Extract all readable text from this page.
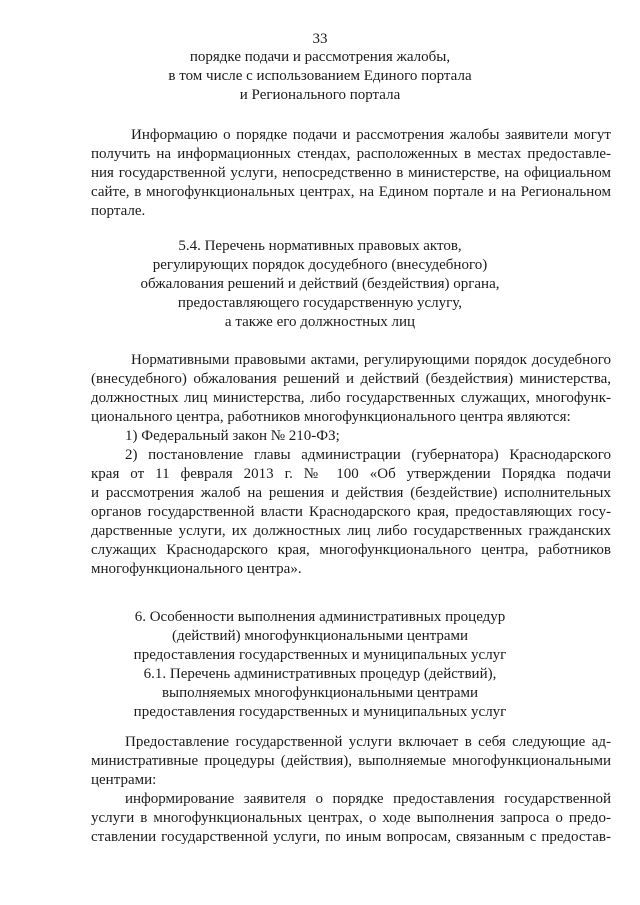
33
порядке подачи и рассмотрения жалобы,
в том числе с использованием Единого портала
и Регионального портала
Информацию о порядке подачи и рассмотрения жалобы заявители могут
получить на информационных стендах, расположенных в местах предоставле-
ния государственной услуги, непосредственно в министерстве, на официальном
сайте, в многофункциональных центрах, на Едином портале и на Региональном
портале.
5.4. Перечень нормативных правовых актов,
регулирующих порядок досудебного (внесудебного)
обжалования решений и действий (бездействия) органа,
предоставляющего государственную услугу,
а также его должностных лиц
Нормативными правовыми актами, регулирующими порядок досудебного
(внесудебного) обжалования решений и действий (бездействия) министерства,
должностных лиц министерства, либо государственных служащих, многофунк-
ционального центра, работников многофункционального центра являются:
1) Федеральный закон № 210-ФЗ;
2) постановление главы администрации (губернатора) Краснодарского
края от 11 февраля 2013 г. № 100 «Об утверждении Порядка подачи
и рассмотрения жалоб на решения и действия (бездействие) исполнительных
органов государственной власти Краснодарского края, предоставляющих госу-
дарственные услуги, их должностных лиц либо государственных гражданских
служащих Краснодарского края, многофункционального центра, работников
многофункционального центра».
6. Особенности выполнения административных процедур
(действий) многофункциональными центрами
предоставления государственных и муниципальных услуг
6.1. Перечень административных процедур (действий),
выполняемых многофункциональными центрами
предоставления государственных и муниципальных услуг
Предоставление государственной услуги включает в себя следующие ад-
министративные процедуры (действия), выполняемые многофункциональными
центрами:
информирование заявителя о порядке предоставления государственной
услуги в многофункциональных центрах, о ходе выполнения запроса о предо-
ставлении государственной услуги, по иным вопросам, связанным с предостав-
